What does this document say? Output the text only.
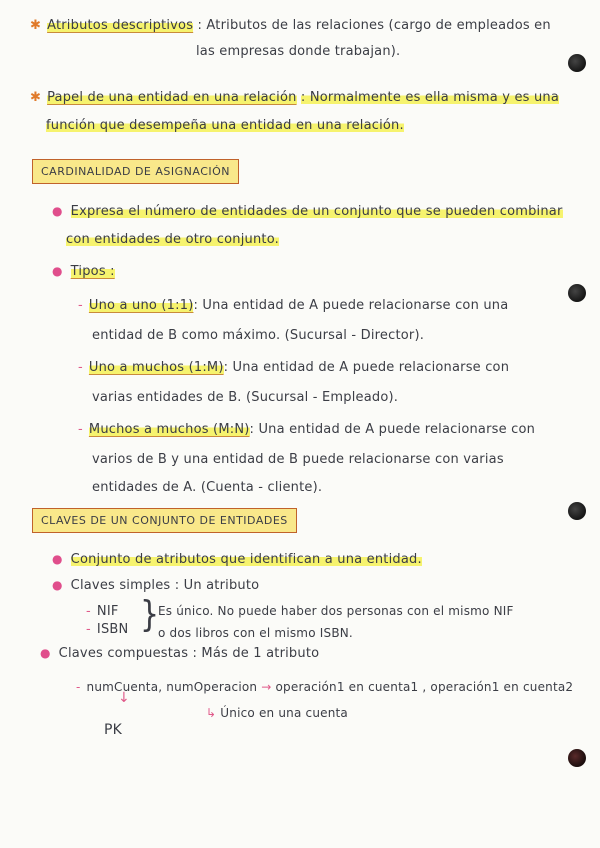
✱ Atributos descriptivos : Atributos de las relaciones (cargo de empleados en
las empresas donde trabajan).
✱ Papel de una entidad en una relación : Normalmente es ella misma y es una
función que desempeña una entidad en una relación.
CARDINALIDAD DE ASIGNACIÓN
● Expresa el número de entidades de un conjunto que se pueden combinar
con entidades de otro conjunto.
● Tipos :
- Uno a uno (1:1): Una entidad de A puede relacionarse con una
entidad de B como máximo. (Sucursal - Director).
- Uno a muchos (1:M): Una entidad de A puede relacionarse con
varias entidades de B. (Sucursal - Empleado).
- Muchos a muchos (M:N): Una entidad de A puede relacionarse con
varios de B y una entidad de B puede relacionarse con varias
entidades de A. (Cuenta - cliente).
CLAVES DE UN CONJUNTO DE ENTIDADES
● Conjunto de atributos que identifican a una entidad.
● Claves simples : Un atributo
- NIF
- ISBN }
Es único. No puede haber dos personas con el mismo NIF
o dos libros con el mismo ISBN.
● Claves compuestas : Más de 1 atributo
- numCuenta, numOperacion → operación1 en cuenta1 , operación1 en cuenta2
↳ Único en una cuenta
↓
PK
